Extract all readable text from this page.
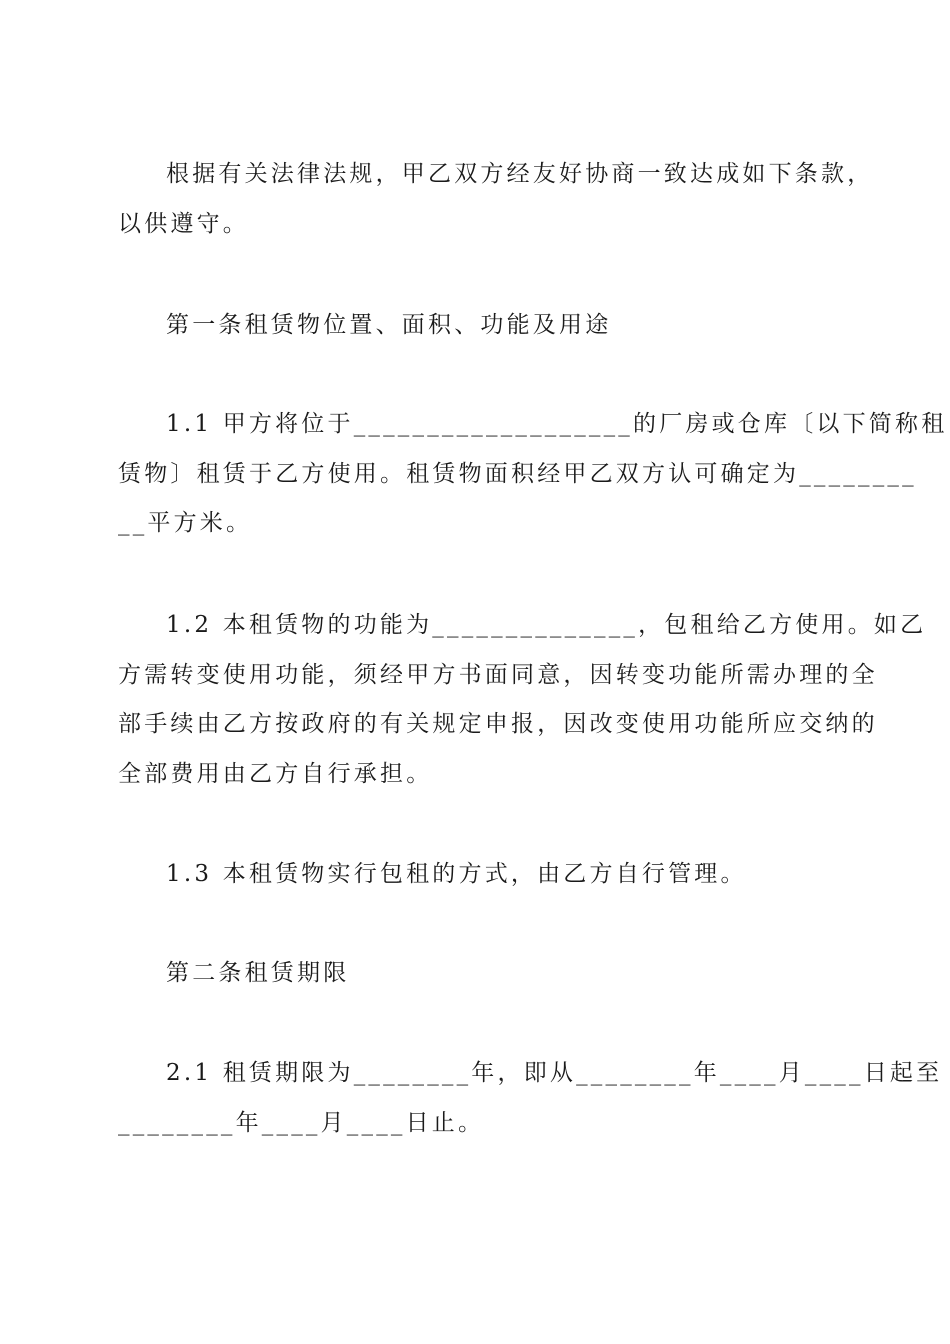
根据有关法律法规，甲乙双方经友好协商一致达成如下条款，
以供遵守。

第一条租赁物位置、面积、功能及用途

1.1 甲方将位于___________________的厂房或仓库〔以下简称租
赁物〕租赁于乙方使用。租赁物面积经甲乙双方认可确定为________
__平方米。
1.2 本租赁物的功能为______________，包租给乙方使用。如乙
方需转变使用功能，须经甲方书面同意，因转变功能所需办理的全
部手续由乙方按政府的有关规定申报，因改变使用功能所应交纳的
全部费用由乙方自行承担。

1.3 本租赁物实行包租的方式，由乙方自行管理。

第二条租赁期限

2.1 租赁期限为________年，即从________年____月____日起至
________年____月____日止。
